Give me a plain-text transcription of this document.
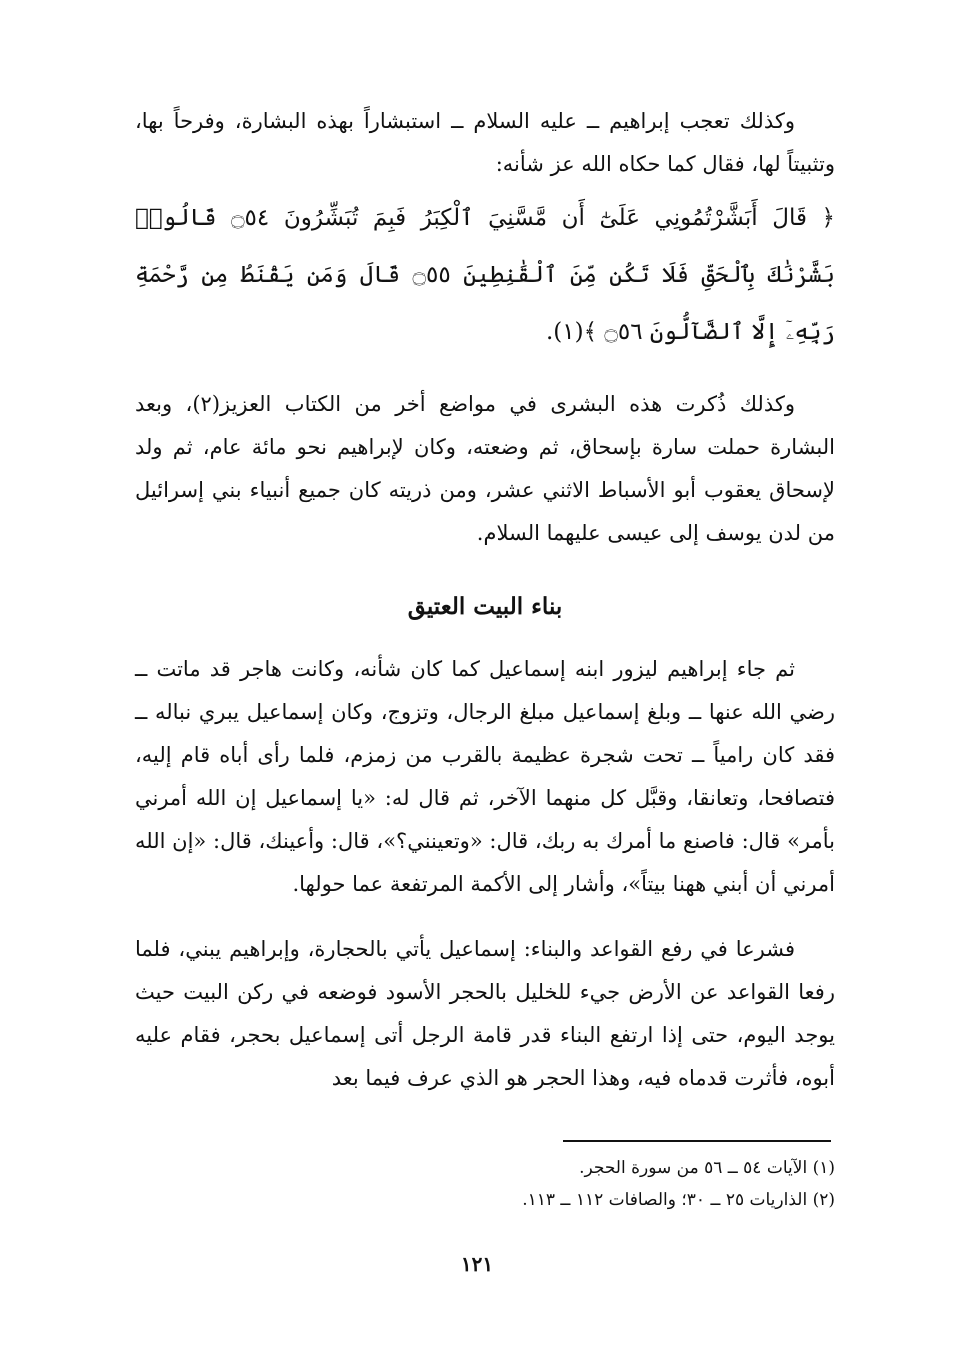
وكذلك تعجب إبراهيم ــ عليه السلام ــ استبشاراً بهذه البشارة، وفرحاً بها، وتثبيتاً لها، فقال كما حكاه الله عز شأنه:

﴿ قَالَ أَبَشَّرْتُمُونِي عَلَىٰٓ أَن مَّسَّنِيَ ٱلْكِبَرُ فَبِمَ تُبَشِّرُونَ ۝٥٤ قَالُوا۟ بَشَّرْنَٰكَ بِٱلْحَقِّ فَلَا تَكُن مِّنَ ٱلْقَٰنِطِينَ ۝٥٥ قَالَ وَمَن يَقْنَطُ مِن رَّحْمَةِ رَبِّهِۦٓ إِلَّا ٱلضَّآلُّونَ ۝٥٦ ﴾(١).

وكذلك ذُكرت هذه البشرى في مواضع أخر من الكتاب العزيز(٢)، وبعد البشارة حملت سارة بإسحاق، ثم وضعته، وكان لإبراهيم نحو مائة عام، ثم ولد لإسحاق يعقوب أبو الأسباط الاثني عشر، ومن ذريته كان جميع أنبياء بني إسرائيل من لدن يوسف إلى عيسى عليهما السلام.

بناء البيت العتيق

ثم جاء إبراهيم ليزور ابنه إسماعيل كما كان شأنه، وكانت هاجر قد ماتت ــ رضي الله عنها ــ وبلغ إسماعيل مبلغ الرجال، وتزوج، وكان إسماعيل يبري نباله ــ فقد كان رامياً ــ تحت شجرة عظيمة بالقرب من زمزم، فلما رأى أباه قام إليه، فتصافحا، وتعانقا، وقبَّل كل منهما الآخر، ثم قال له: «يا إسماعيل إن الله أمرني بأمر» قال: فاصنع ما أمرك به ربك، قال: «وتعينني؟»، قال: وأعينك، قال: «إن الله أمرني أن أبني ههنا بيتاً»، وأشار إلى الأكمة المرتفعة عما حولها.

فشرعا في رفع القواعد والبناء: إسماعيل يأتي بالحجارة، وإبراهيم يبني، فلما رفعا القواعد عن الأرض جيء للخليل بالحجر الأسود فوضعه في ركن البيت حيث يوجد اليوم، حتى إذا ارتفع البناء قدر قامة الرجل أتى إسماعيل بحجر، فقام عليه أبوه، فأثرت قدماه فيه، وهذا الحجر هو الذي عرف فيما بعد

(١) الآيات ٥٤ ــ ٥٦ من سورة الحجر.
(٢) الذاريات ٢٥ ــ ٣٠؛ والصافات ١١٢ ــ ١١٣.
١٢١
